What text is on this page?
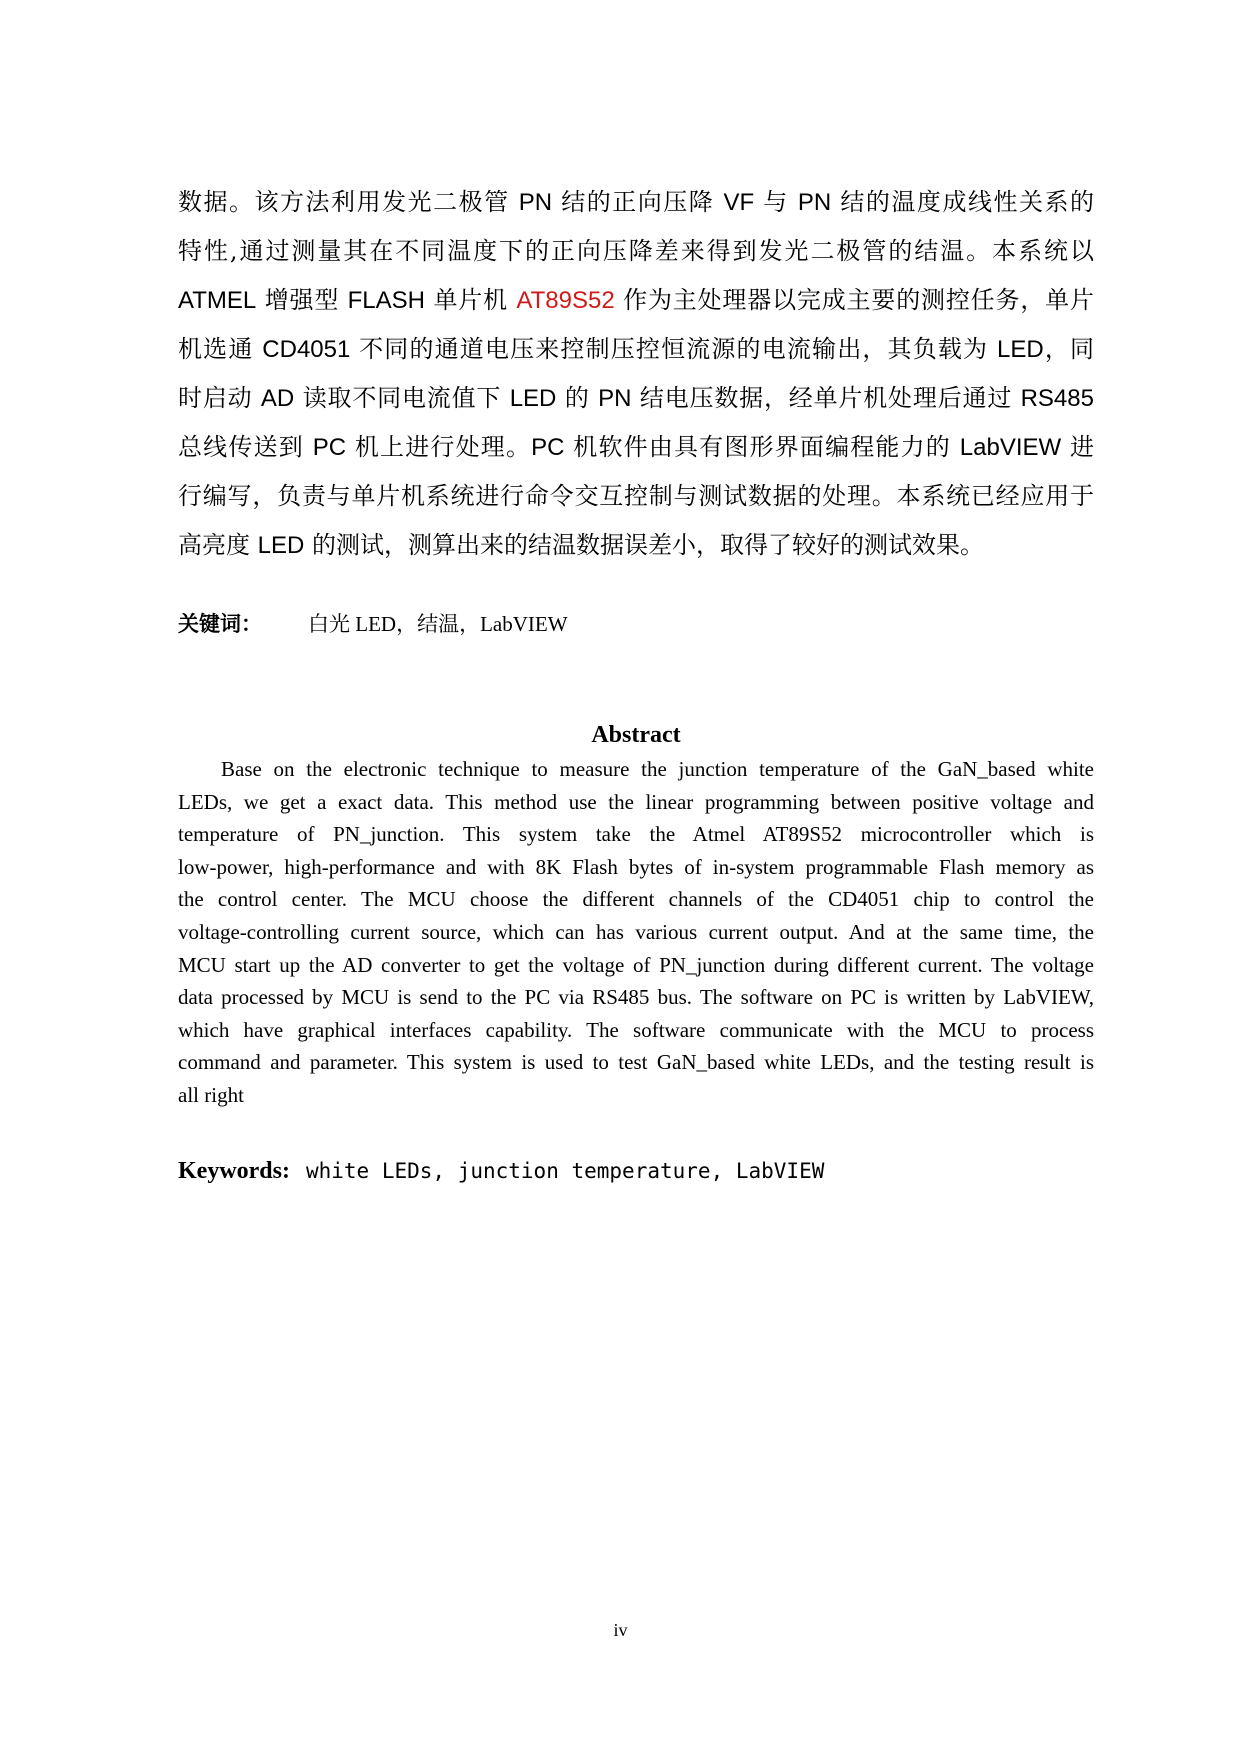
数据。该方法利用发光二极管 PN 结的正向压降 VF 与 PN 结的温度成线性关系的
特性,通过测量其在不同温度下的正向压降差来得到发光二极管的结温。本系统以
ATMEL 增强型 FLASH 单片机 AT89S52 作为主处理器以完成主要的测控任务，单片
机选通 CD4051 不同的通道电压来控制压控恒流源的电流输出，其负载为 LED，同
时启动 AD 读取不同电流值下 LED 的 PN 结电压数据，经单片机处理后通过 RS485
总线传送到 PC 机上进行处理。PC 机软件由具有图形界面编程能力的 LabVIEW 进
行编写，负责与单片机系统进行命令交互控制与测试数据的处理。本系统已经应用于
高亮度 LED 的测试，测算出来的结温数据误差小，取得了较好的测试效果。
关键词： 白光 LED，结温，LabVIEW
Abstract
Base on the electronic technique to measure the junction temperature of the GaN_based white
LEDs, we get a exact data. This method use the linear programming between positive voltage and
temperature of PN_junction. This system take the Atmel AT89S52 microcontroller which is
low-power, high-performance and with 8K Flash bytes of in-system programmable Flash memory as
the control center. The MCU choose the different channels of the CD4051 chip to control the
voltage-controlling current source, which can has various current output. And at the same time, the
MCU start up the AD converter to get the voltage of PN_junction during different current. The voltage
data processed by MCU is send to the PC via RS485 bus. The software on PC is written by LabVIEW,
which have graphical interfaces capability. The software communicate with the MCU to process
command and parameter. This system is used to test GaN_based white LEDs, and the testing result is
all right
Keywords: white LEDs, junction temperature, LabVIEW
iv
